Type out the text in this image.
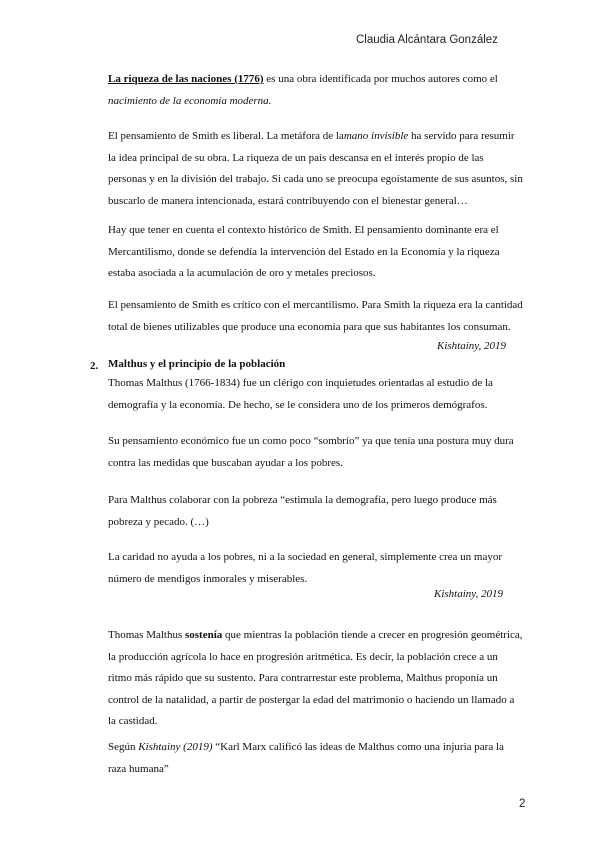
Claudia Alcántara González
La riqueza de las naciones (1776) es una obra identificada por muchos autores como el
nacimiento de la economía moderna.
El pensamiento de Smith es liberal. La metáfora de lamano invisible ha servido para resumir
la idea principal de su obra. La riqueza de un país descansa en el interés propio de las
personas y en la división del trabajo. Si cada uno se preocupa egoístamente de sus asuntos, sin
buscarlo de manera intencionada, estará contribuyendo con el bienestar general…
Hay que tener en cuenta el contexto histórico de Smith. El pensamiento dominante era el
Mercantilismo, donde se defendía la intervención del Estado en la Economía y la riqueza
estaba asociada a la acumulación de oro y metales preciosos.
El pensamiento de Smith es crítico con el mercantilismo. Para Smith la riqueza era la cantidad
total de bienes utilizables que produce una economía para que sus habitantes los consuman.
Kishtainy, 2019
2. Malthus y el principio de la población
Thomas Malthus (1766-1834) fue un clérigo con inquietudes orientadas al estudio de la
demografía y la economía. De hecho, se le considera uno de los primeros demógrafos.
Su pensamiento económico fue un como poco “sombrío” ya que tenía una postura muy dura
contra las medidas que buscaban ayudar a los pobres.
Para Malthus colaborar con la pobreza “estimula la demografía, pero luego produce más
pobreza y pecado. (…)
La caridad no ayuda a los pobres, ni a la sociedad en general, simplemente crea un mayor
número de mendigos inmorales y miserables.
Kishtainy, 2019
Thomas Malthus sostenía que mientras la población tiende a crecer en progresión geométrica,
la producción agrícola lo hace en progresión aritmética. Es decir, la población crece a un
ritmo más rápido que su sustento. Para contrarrestar este problema, Malthus proponía un
control de la natalidad, a partir de postergar la edad del matrimonio o haciendo un llamado a
la castidad.
Según Kishtainy (2019) “Karl Marx calificó las ideas de Malthus como una injuria para la
raza humana”
2
